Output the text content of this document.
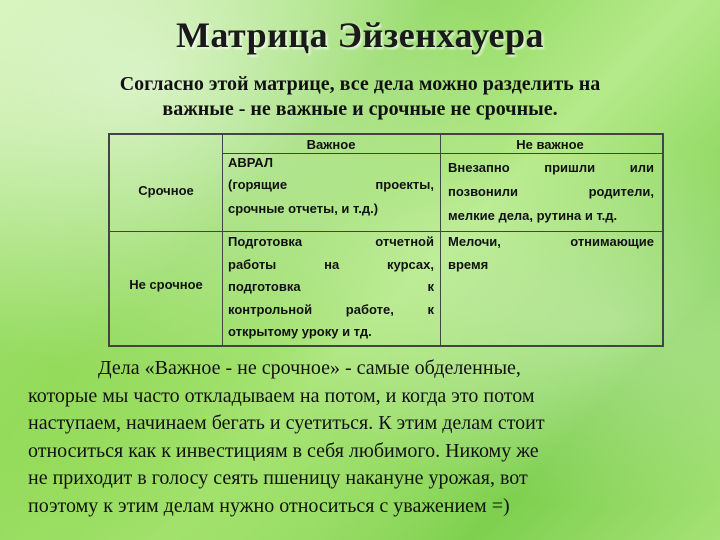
Матрица Эйзенхауера
Согласно этой матрице, все дела можно разделить на
важные - не важные и срочные не срочные.
Важное	Не важное
Срочное
Не срочное
АВРАЛ
(горящие проекты,
срочные отчеты, и т.д.)
Внезапно пришли или
позвонили родители,
мелкие дела, рутина и т.д.
Подготовка отчетной
работы на курсах,
подготовка к
контрольной работе, к
открытому уроку и тд.
Мелочи, отнимающие
время
Дела «Важное - не срочное» - самые обделенные,
которые мы часто откладываем на потом, и когда это потом
наступаем, начинаем бегать и суетиться. К этим делам стоит
относиться как к инвестициям в себя любимого. Никому же
не приходит в голосу сеять пшеницу накануне урожая, вот
поэтому к этим делам нужно относиться с уважением =)
